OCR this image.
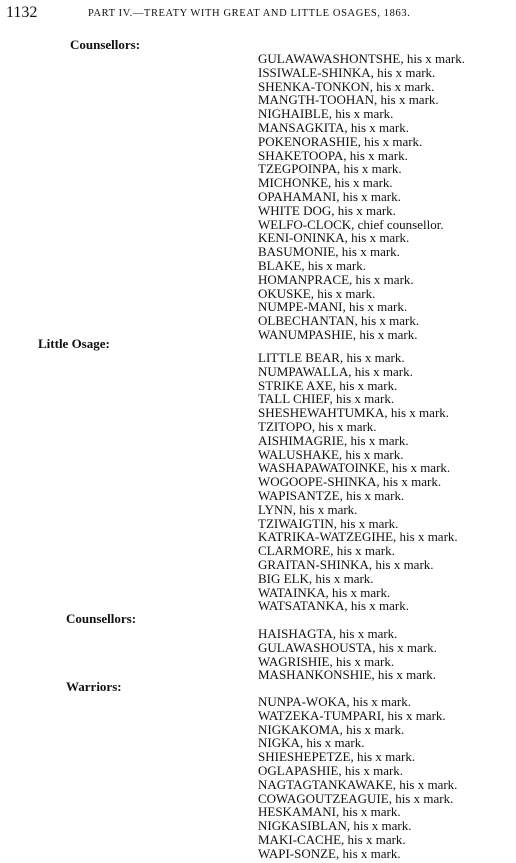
1132	PART IV.—TREATY WITH GREAT AND LITTLE OSAGES, 1863.
Counsellors:
GULAWAWASHONTSHE, his x mark.
ISSIWALE-SHINKA, his x mark.
SHENKA-TONKON, his x mark.
MANGTH-TOOHAN, his x mark.
NIGHAIBLE, his x mark.
MANSAGKITA, his x mark.
POKENORASHIE, his x mark.
SHAKETOOPA, his x mark.
TZEGPOINPA, his x mark.
MICHONKE, his x mark.
OPAHAMANI, his x mark.
WHITE DOG, his x mark.
WELFO-CLOCK, chief counsellor.
KENI-ONINKA, his x mark.
BASUMONIE, his x mark.
BLAKE, his x mark.
HOMANPRACE, his x mark.
OKUSKE, his x mark.
NUMPE-MANI, his x mark.
OLBECHANTAN, his x mark.
WANUMPASHIE, his x mark.
Little Osage:
LITTLE BEAR, his x mark.
NUMPAWALLA, his x mark.
STRIKE AXE, his x mark.
TALL CHIEF, his x mark.
SHESHEWAHTUMKA, his x mark.
TZITOPO, his x mark.
AISHIMAGRIE, his x mark.
WALUSHAKE, his x mark.
WASHAPAWATOINKE, his x mark.
WOGOOPE-SHINKA, his x mark.
WAPISANTZE, his x mark.
LYNN, his x mark.
TZIWAIGTIN, his x mark.
KATRIKA-WATZEGIHE, his x mark.
CLARMORE, his x mark.
GRAITAN-SHINKA, his x mark.
BIG ELK, his x mark.
WATAINKA, his x mark.
WATSATANKA, his x mark.
Counsellors:
HAISHAGTA, his x mark.
GULAWASHOUSTA, his x mark.
WAGRISHIE, his x mark.
MASHANKONSHIE, his x mark.
Warriors:
NUNPA-WOKA, his x mark.
WATZEKA-TUMPARI, his x mark.
NIGKAKOMA, his x mark.
NIGKA, his x mark.
SHIESHEPETZE, his x mark.
OGLAPASHIE, his x mark.
NAGTAGTANKAWAKE, his x mark.
COWAGOUTZEAGUIE, his x mark.
HESKAMANI, his x mark.
NIGKASIBLAN, his x mark.
MAKI-CACHE, his x mark.
WAPI-SONZE, his x mark.
